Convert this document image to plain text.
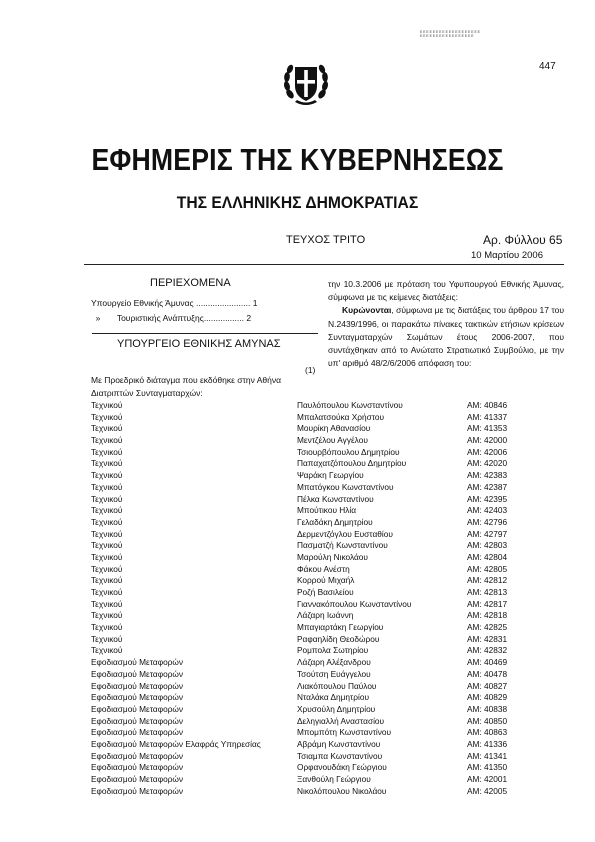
Ε Ε Ε Ε Ε Ε Ε Ε Ε Ε Ε Ε Ε Ε Ε Ε Ε Ε Ε Ε Ε Ε Ε Ε Ε Ε Ε Ε Ε Ε Ε Ε Ε Ε Ε Ε
447
ΕΦΗΜΕΡΙΣ ΤΗΣ ΚΥΒΕΡΝΗΣΕΩΣ
ΤΗΣ ΕΛΛΗΝΙΚΗΣ ΔΗΜΟΚΡΑΤΙΑΣ
ΤΕΥΧΟΣ ΤΡΙΤΟ	Αρ. Φύλλου 65
10 Μαρτίου 2006
ΠΕΡΙΕΧΟΜΕΝΑ
Υπουργείο Εθνικής Άμυνας ....................... 1
» Τουριστικής Ανάπτυξης................. 2
ΥΠΟΥΡΓΕΙΟ ΕΘΝΙΚΗΣ ΑΜΥΝΑΣ
(1)

Με Προεδρικό διάταγμα που εκδόθηκε στην Αθήνα

Διατριπτών Συνταγματαρχών:

την 10.3.2006 με πρόταση του Υφυπουργού Εθνικής Άμυνας, σύμφωνα με τις κείμενες διατάξεις:

Κυρώνονται, σύμφωνα με τις διατάξεις του άρθρου 17 του Ν.2439/1996, οι παρακάτω πίνακες τακτικών ετήσιων κρίσεων Συνταγματαρχών Σωμάτων έτους 2006-2007, που συντάχθηκαν από το Ανώτατο Στρατιωτικό Συμβούλιο, με την υπ' αριθμό 48/2/6/2006 απόφαση του:

Τεχνικού	Παυλόπουλου Κωνσταντίνου	ΑΜ: 40846
Τεχνικού	Μπαλατσούκα Χρήστου	ΑΜ: 41337
Τεχνικού	Μουρίκη Αθανασίου	ΑΜ: 41353
Τεχνικού	Μεντζέλου Αγγέλου	ΑΜ: 42000
Τεχνικού	Τσιουρβόπουλου Δημητρίου	ΑΜ: 42006
Τεχνικού	Παπαχατζόπουλου Δημητρίου	ΑΜ: 42020
Τεχνικού	Ψαράκη Γεωργίου	ΑΜ: 42383
Τεχνικού	Μπατόγκου Κωνσταντίνου	ΑΜ: 42387
Τεχνικού	Πέλκα Κωνσταντίνου	ΑΜ: 42395
Τεχνικού	Μπούτικου Ηλία	ΑΜ: 42403
Τεχνικού	Γελαδάκη Δημητρίου	ΑΜ: 42796
Τεχνικού	Δερμεντζόγλου Ευσταθίου	ΑΜ: 42797
Τεχνικού	Πασματζή Κωνσταντίνου	ΑΜ: 42803
Τεχνικού	Μαρούλη Νικολάου	ΑΜ: 42804
Τεχνικού	Φάκου Ανέστη	ΑΜ: 42805
Τεχνικού	Κορρού Μιχαήλ	ΑΜ: 42812
Τεχνικού	Ροζή Βασιλείου	ΑΜ: 42813
Τεχνικού	Γιαννακόπουλου Κωνσταντίνου	ΑΜ: 42817
Τεχνικού	Λάζαρη Ιωάννη	ΑΜ: 42818
Τεχνικού	Μπαγιαρτάκη Γεωργίου	ΑΜ: 42825
Τεχνικού	Ραφαηλίδη Θεοδώρου	ΑΜ: 42831
Τεχνικού	Ρομπολα Σωτηρίου	ΑΜ: 42832
Εφοδιασμού Μεταφορών	Λάζαρη Αλέξανδρου	ΑΜ: 40469
Εφοδιασμού Μεταφορών	Τσούτση Ευάγγελου	ΑΜ: 40478
Εφοδιασμού Μεταφορών	Λιακόπουλου Παύλου	ΑΜ: 40827
Εφοδιασμού Μεταφορών	Νταλάκα Δημητρίου	ΑΜ: 40829
Εφοδιασμού Μεταφορών	Χρυσούλη Δημητρίου	ΑΜ: 40838
Εφοδιασμού Μεταφορών	Δεληγιαλλή Αναστασίου	ΑΜ: 40850
Εφοδιασμού Μεταφορών	Μπομπότη Κωνσταντίνου	ΑΜ: 40863
Εφοδιασμού Μεταφορών Ελαφράς Υπηρεσίας	Αβράμη Κωνσταντίνου	ΑΜ: 41336
Εφοδιασμού Μεταφορών	Τσιαμπα Κωνσταντίνου	ΑΜ: 41341
Εφοδιασμού Μεταφορών	Ορφανουδάκη Γεώργιου	ΑΜ: 41350
Εφοδιασμού Μεταφορών	Ξανθούλη Γεώργιου	ΑΜ: 42001
Εφοδιασμού Μεταφορών	Νικολόπουλου Νικολάου	ΑΜ: 42005
